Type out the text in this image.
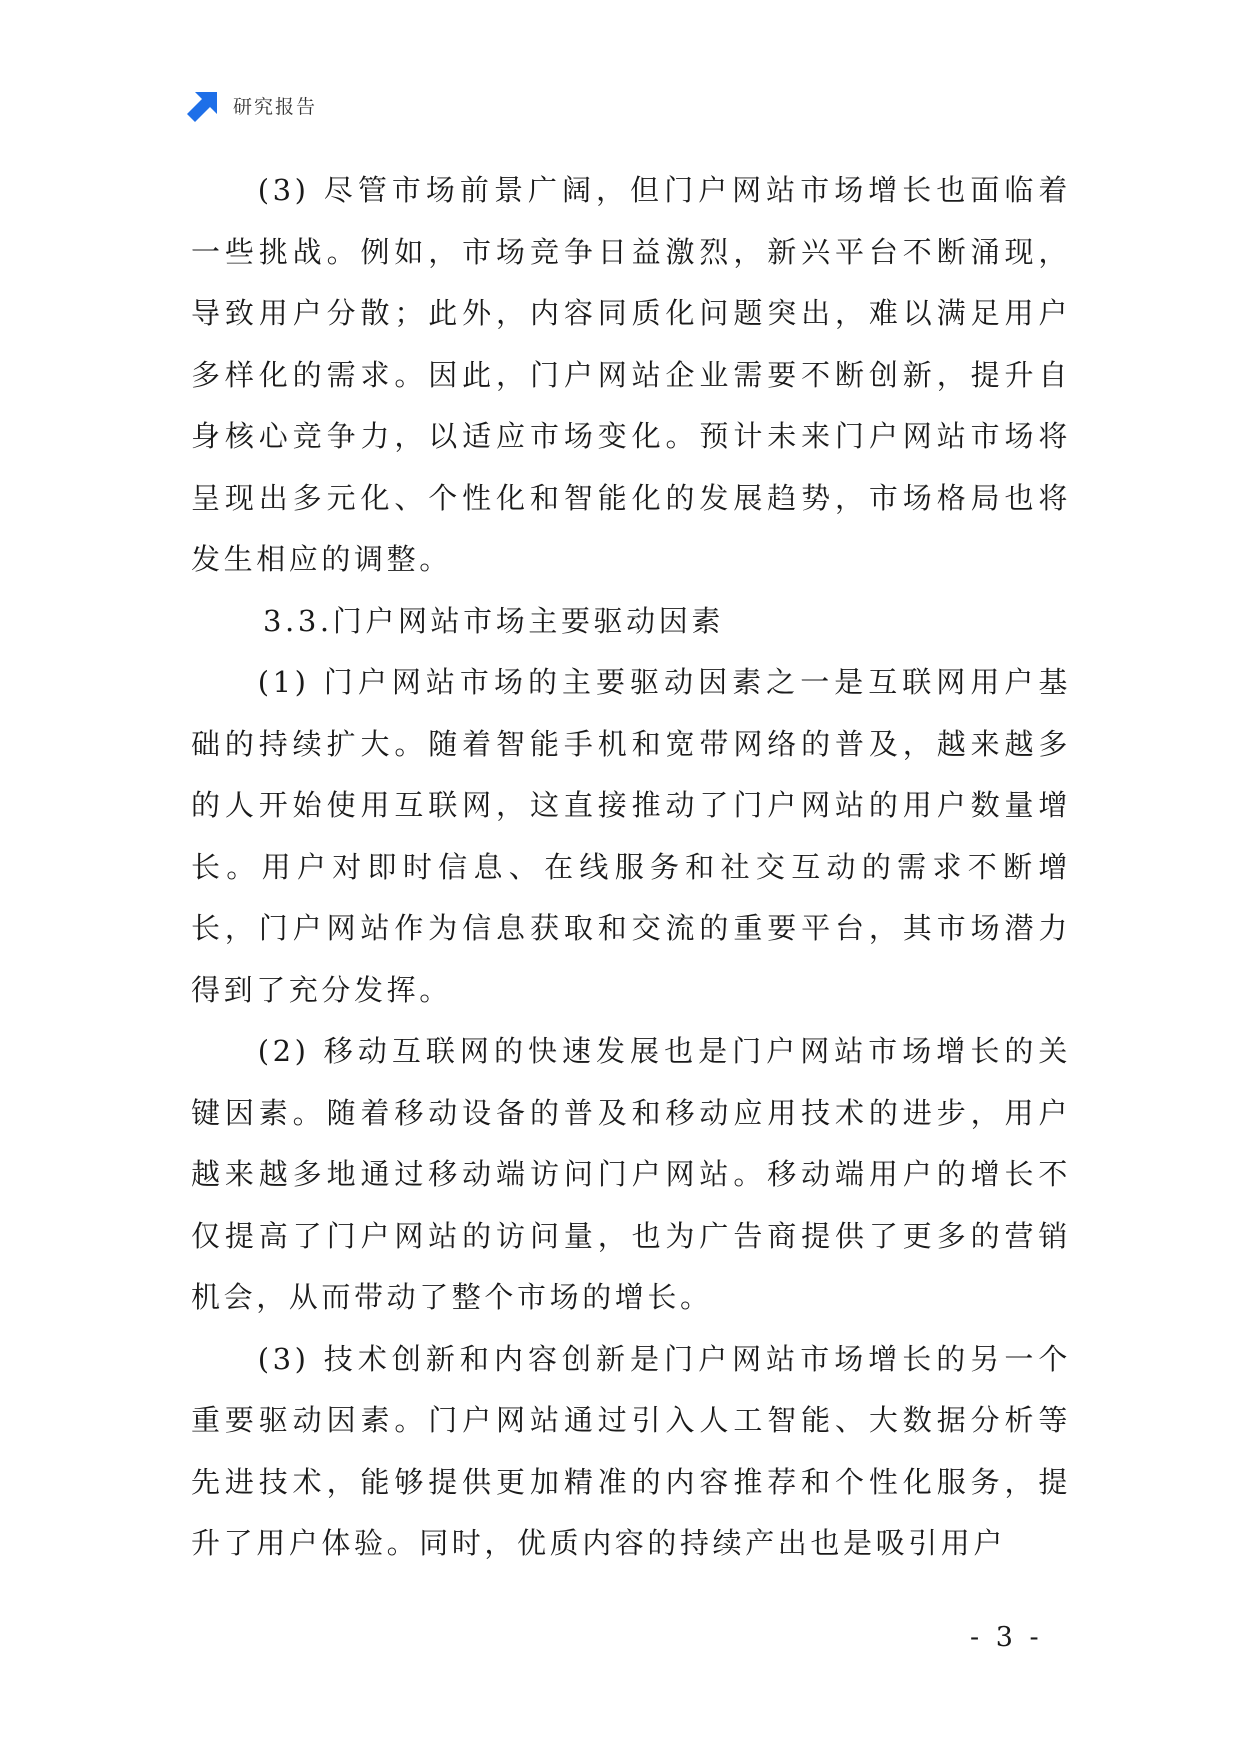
研究报告

(3) 尽管市场前景广阔，但门户网站市场增长也面临着一些挑战。例如，市场竞争日益激烈，新兴平台不断涌现，导致用户分散；此外，内容同质化问题突出，难以满足用户多样化的需求。因此，门户网站企业需要不断创新，提升自身核心竞争力，以适应市场变化。预计未来门户网站市场将呈现出多元化、个性化和智能化的发展趋势，市场格局也将发生相应的调整。

3.3.门户网站市场主要驱动因素

(1) 门户网站市场的主要驱动因素之一是互联网用户基础的持续扩大。随着智能手机和宽带网络的普及，越来越多的人开始使用互联网，这直接推动了门户网站的用户数量增长。用户对即时信息、在线服务和社交互动的需求不断增长，门户网站作为信息获取和交流的重要平台，其市场潜力得到了充分发挥。

(2) 移动互联网的快速发展也是门户网站市场增长的关键因素。随着移动设备的普及和移动应用技术的进步，用户越来越多地通过移动端访问门户网站。移动端用户的增长不仅提高了门户网站的访问量，也为广告商提供了更多的营销机会，从而带动了整个市场的增长。

(3) 技术创新和内容创新是门户网站市场增长的另一个重要驱动因素。门户网站通过引入人工智能、大数据分析等先进技术，能够提供更加精准的内容推荐和个性化服务，提升了用户体验。同时，优质内容的持续产出也是吸引用户

- 3 -
